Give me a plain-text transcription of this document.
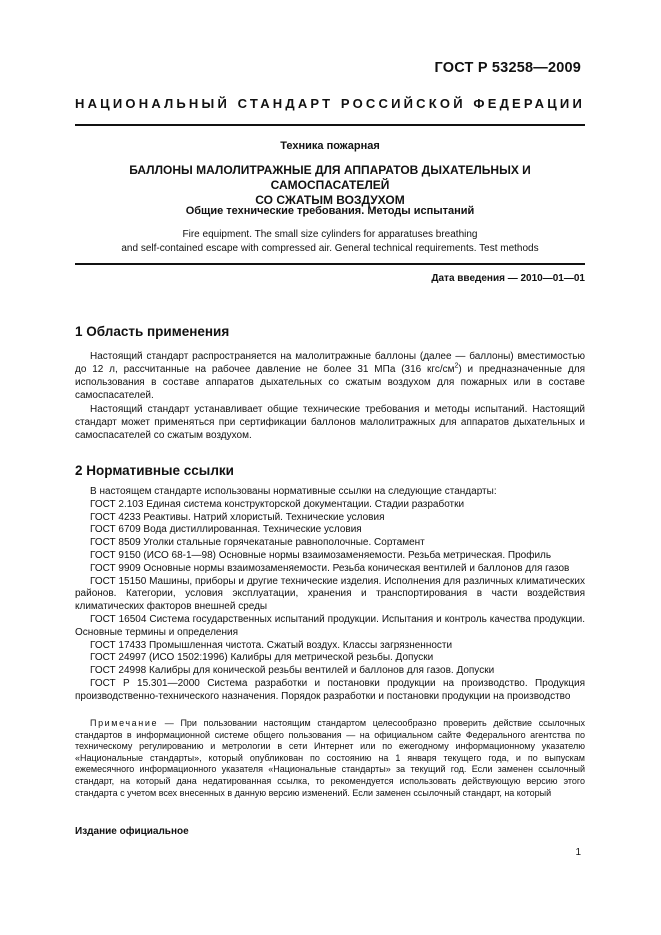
ГОСТ Р 53258—2009
НАЦИОНАЛЬНЫЙ СТАНДАРТ РОССИЙСКОЙ ФЕДЕРАЦИИ
Техника пожарная
БАЛЛОНЫ МАЛОЛИТРАЖНЫЕ ДЛЯ АППАРАТОВ ДЫХАТЕЛЬНЫХ И САМОСПАСАТЕЛЕЙ
СО СЖАТЫМ ВОЗДУХОМ
Общие технические требования. Методы испытаний
Fire equipment. The small size cylinders for apparatuses breathing
and self-contained escape with compressed air. General technical requirements. Test methods
Дата введения — 2010—01—01
1 Область применения

Настоящий стандарт распространяется на малолитражные баллоны (далее — баллоны) вместимостью до 12 л, рассчитанные на рабочее давление не более 31 МПа (316 кгс/$см^2$) и предназначенные для использования в составе аппаратов дыхательных со сжатым воздухом для пожарных или в составе самоспасателей.

Настоящий стандарт устанавливает общие технические требования и методы испытаний. Настоящий стандарт может применяться при сертификации баллонов малолитражных для аппаратов дыхательных и самоспасателей со сжатым воздухом.

2 Нормативные ссылки
В настоящем стандарте использованы нормативные ссылки на следующие стандарты:
ГОСТ 2.103 Единая система конструкторской документации. Стадии разработки
ГОСТ 4233 Реактивы. Натрий хлористый. Технические условия
ГОСТ 6709 Вода дистиллированная. Технические условия
ГОСТ 8509 Уголки стальные горячекатаные равнополочные. Сортамент
ГОСТ 9150 (ИСО 68-1—98) Основные нормы взаимозаменяемости. Резьба метрическая. Профиль
ГОСТ 9909 Основные нормы взаимозаменяемости. Резьба коническая вентилей и баллонов для газов
ГОСТ 15150 Машины, приборы и другие технические изделия. Исполнения для различных климатических районов. Категории, условия эксплуатации, хранения и транспортирования в части воздействия климатических факторов внешней среды
ГОСТ 16504 Система государственных испытаний продукции. Испытания и контроль качества продукции. Основные термины и определения
ГОСТ 17433 Промышленная чистота. Сжатый воздух. Классы загрязненности
ГОСТ 24997 (ИСО 1502:1996) Калибры для метрической резьбы. Допуски
ГОСТ 24998 Калибры для конической резьбы вентилей и баллонов для газов. Допуски
ГОСТ Р 15.301—2000 Система разработки и постановки продукции на производство. Продукция производственно-технического назначения. Порядок разработки и постановки продукции на производство
Примечание — При пользовании настоящим стандартом целесообразно проверить действие ссылочных стандартов в информационной системе общего пользования — на официальном сайте Федерального агентства по техническому регулированию и метрологии в сети Интернет или по ежегодному информационному указателю «Национальные стандарты», который опубликован по состоянию на 1 января текущего года, и по выпускам ежемесячного информационного указателя «Национальные стандарты» за текущий год. Если заменен ссылочный стандарт, на который дана недатированная ссылка, то рекомендуется использовать действующую версию этого стандарта с учетом всех внесенных в данную версию изменений. Если заменен ссылочный стандарт, на который
Издание официальное
1
